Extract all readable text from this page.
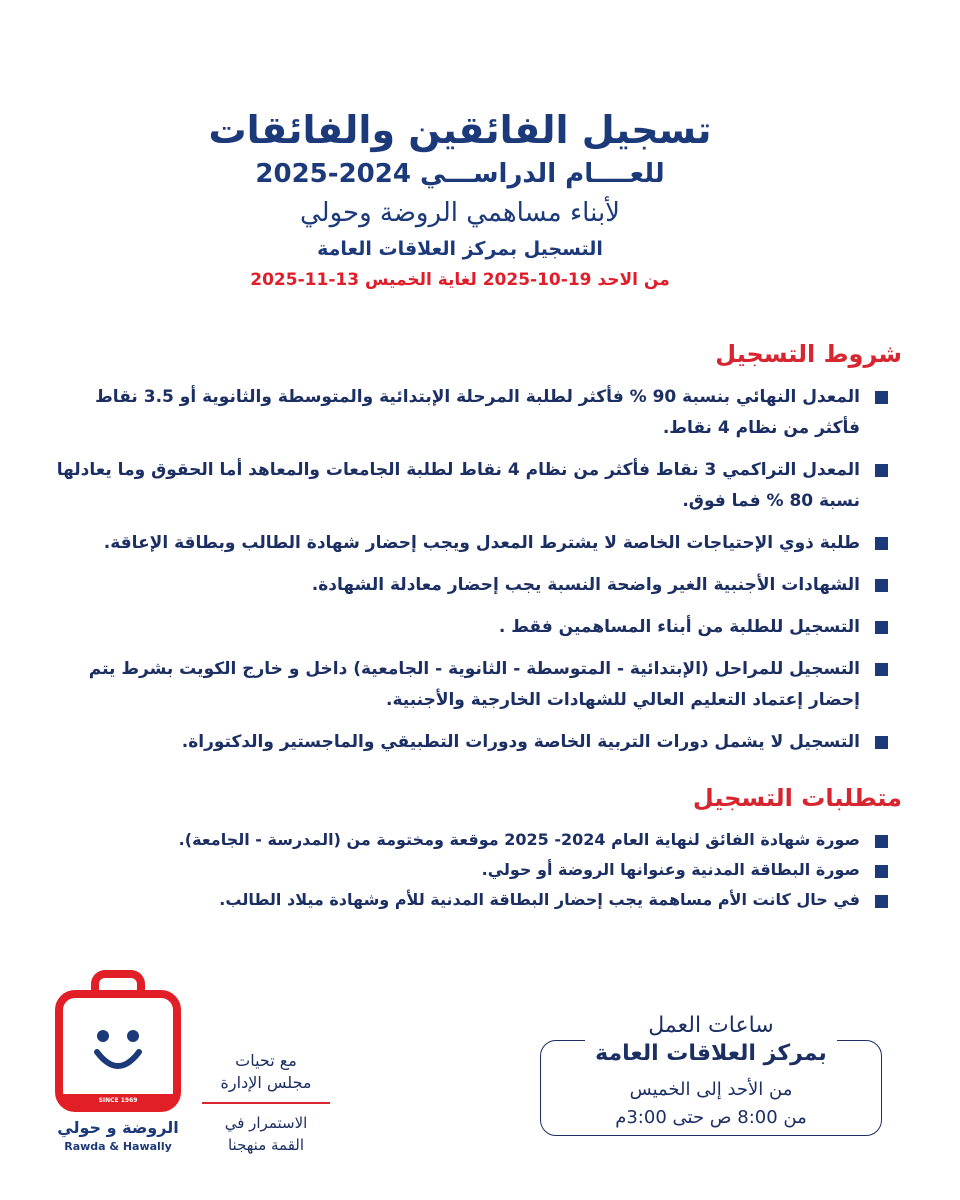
تسجيل الفائقين والفائقات
للعــــام الدراســـي 2024-2025
لأبناء مساهمي الروضة وحولي
التسجيل بمركز العلاقات العامة
من الاحد 19-10-2025 لغاية الخميس 13-11-2025
شروط التسجيل
المعدل النهائي بنسبة 90 % فأكثر لطلبة المرحلة الإبتدائية والمتوسطة والثانوية أو 3.5 نقاط فأكثر من نظام 4 نقاط.
المعدل التراكمي 3 نقاط فأكثر من نظام 4 نقاط لطلبة الجامعات والمعاهد أما الحقوق وما يعادلها نسبة 80 % فما فوق.
طلبة ذوي الإحتياجات الخاصة لا يشترط المعدل ويجب إحضار شهادة الطالب وبطاقة الإعاقة.
الشهادات الأجنبية الغير واضحة النسبة يجب إحضار معادلة الشهادة.
التسجيل للطلبة من أبناء المساهمين فقط .
التسجيل للمراحل (الإبتدائية - المتوسطة - الثانوية - الجامعية) داخل و خارج الكويت بشرط يتم إحضار إعتماد التعليم العالي للشهادات الخارجية والأجنبية.
التسجيل لا يشمل دورات التربية الخاصة ودورات التطبيقي والماجستير والدكتوراة.
متطلبات التسجيل
صورة شهادة الفائق لنهاية العام 2024- 2025 موقعة ومختومة من (المدرسة - الجامعة).
صورة البطاقة المدنية وعنوانها الروضة أو حولي.
في حال كانت الأم مساهمة يجب إحضار البطاقة المدنية للأم وشهادة ميلاد الطالب.
SINCE 1969
الروضة و حولي
Rawda & Hawally
مع تحيات
مجلس الإدارة
الاستمرار في
القمة منهجنا
ساعات العمل
بمركز العلاقات العامة
من الأحد إلى الخميس
من 8:00 ص حتى 3:00م
